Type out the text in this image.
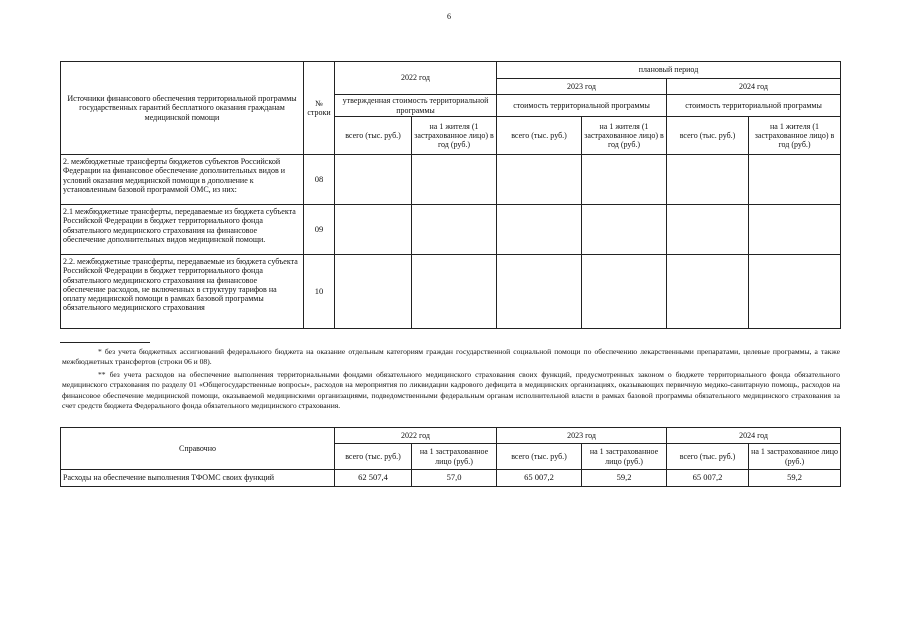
6
Источники финансового обеспечения территориальной программы государственных гарантий бесплатного оказания гражданам медицинской помощи	№ строки	2022 год		плановый период			
				2023 год		2024 год	
		утвержденная стоимость территориальной программы		стоимость территориальной программы		стоимость территориальной программы	
		всего (тыс. руб.)	на 1 жителя (1 застрахованное лицо) в год (руб.)	всего (тыс. руб.)	на 1 жителя (1 застрахованное лицо) в год (руб.)	всего (тыс. руб.)	на 1 жителя (1 застрахованное лицо) в год (руб.)
2. межбюджетные трансферты бюджетов субъектов Российской Федерации на финансовое обеспечение дополнительных видов и условий оказания медицинской помощи в дополнение к установленным базовой программой ОМС, из них:	08						
2.1 межбюджетные трансферты, передаваемые из бюджета субъекта Российской Федерации в бюджет территориального фонда обязательного медицинского страхования на финансовое обеспечение дополнительных видов медицинской помощи.	09						
2.2. межбюджетные трансферты, передаваемые из бюджета субъекта Российской Федерации в бюджет территориального фонда обязательного медицинского страхования на финансовое обеспечение расходов, не включенных в структуру тарифов на оплату медицинской помощи в рамках базовой программы обязательного медицинского страхования	10						
* без учета бюджетных ассигнований федерального бюджета на оказание отдельным категориям граждан государственной социальной помощи по обеспечению лекарственными препаратами, целевые программы, а также межбюджетных трансфертов (строки 06 и 08).
** без учета расходов на обеспечение выполнения территориальными фондами обязательного медицинского страхования своих функций, предусмотренных законом о бюджете территориального фонда обязательного медицинского страхования по разделу 01 «Общегосударственные вопросы», расходов на мероприятия по ликвидации кадрового дефицита в медицинских организациях, оказывающих первичную медико-санитарную помощь, расходов на финансовое обеспечение медицинской помощи, оказываемой медицинскими организациями, подведомственными федеральным органам исполнительной власти в рамках базовой программы обязательного медицинского страхования за счет средств бюджета Федерального фонда обязательного медицинского страхования.
Справочно	2022 год		2023 год		2024 год	
	всего (тыс. руб.)	на 1 застрахованное лицо (руб.)	всего (тыс. руб.)	на 1 застрахованное лицо (руб.)	всего (тыс. руб.)	на 1 застрахованное лицо (руб.)
Расходы на обеспечение выполнения ТФОМС своих функций	62 507,4	57,0	65 007,2	59,2	65 007,2	59,2
